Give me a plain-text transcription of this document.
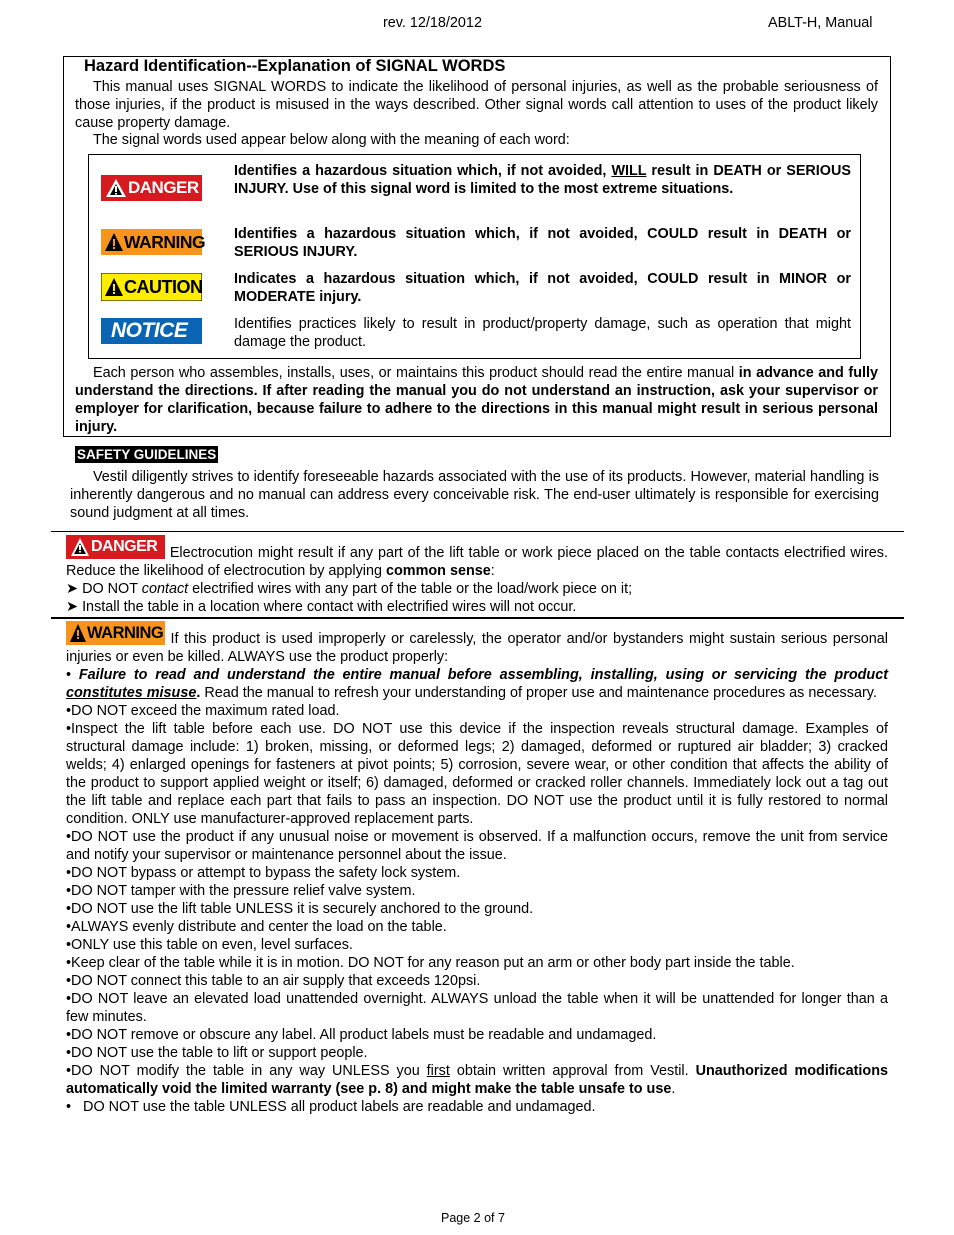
rev. 12/18/2012	ABLT-H, Manual
Hazard Identification--Explanation of SIGNAL WORDS
This manual uses SIGNAL WORDS to indicate the likelihood of personal injuries, as well as the probable seriousness of those injuries, if the product is misused in the ways described. Other signal words call attention to uses of the product likely cause property damage.
The signal words used appear below along with the meaning of each word:
DANGER
Identifies a hazardous situation which, if not avoided, WILL result in DEATH or SERIOUS INJURY. Use of this signal word is limited to the most extreme situations.
WARNING Identifies a hazardous situation which, if not avoided, COULD result in DEATH or SERIOUS INJURY.
CAUTION Indicates a hazardous situation which, if not avoided, COULD result in MINOR or MODERATE injury.
NOTICE	Identifies practices likely to result in product/property damage, such as operation that might damage the product.
Each person who assembles, installs, uses, or maintains this product should read the entire manual in advance and fully understand the directions. If after reading the manual you do not understand an instruction, ask your supervisor or employer for clarification, because failure to adhere to the directions in this manual might result in serious personal injury.
SAFETY GUIDELINES
Vestil diligently strives to identify foreseeable hazards associated with the use of its products. However, material handling is inherently dangerous and no manual can address every conceivable risk. The end-user ultimately is responsible for exercising sound judgment at all times.
DANGER Electrocution might result if any part of the lift table or work piece placed on the table contacts electrified wires. Reduce the likelihood of electrocution by applying common sense:
➤ DO NOT contact electrified wires with any part of the table or the load/work piece on it;
➤ Install the table in a location where contact with electrified wires will not occur.
WARNING If this product is used improperly or carelessly, the operator and/or bystanders might sustain serious personal injuries or even be killed. ALWAYS use the product properly:
• Failure to read and understand the entire manual before assembling, installing, using or servicing the product constitutes misuse. Read the manual to refresh your understanding of proper use and maintenance procedures as necessary.
•DO NOT exceed the maximum rated load.
•Inspect the lift table before each use. DO NOT use this device if the inspection reveals structural damage. Examples of structural damage include: 1) broken, missing, or deformed legs; 2) damaged, deformed or ruptured air bladder; 3) cracked welds; 4) enlarged openings for fasteners at pivot points; 5) corrosion, severe wear, or other condition that affects the ability of the product to support applied weight or itself; 6) damaged, deformed or cracked roller channels. Immediately lock out a tag out the lift table and replace each part that fails to pass an inspection. DO NOT use the product until it is fully restored to normal condition. ONLY use manufacturer-approved replacement parts.
•DO NOT use the product if any unusual noise or movement is observed. If a malfunction occurs, remove the unit from service and notify your supervisor or maintenance personnel about the issue.
•DO NOT bypass or attempt to bypass the safety lock system.
•DO NOT tamper with the pressure relief valve system.
•DO NOT use the lift table UNLESS it is securely anchored to the ground.
•ALWAYS evenly distribute and center the load on the table.
•ONLY use this table on even, level surfaces.
•Keep clear of the table while it is in motion. DO NOT for any reason put an arm or other body part inside the table.
•DO NOT connect this table to an air supply that exceeds 120psi.
•DO NOT leave an elevated load unattended overnight. ALWAYS unload the table when it will be unattended for longer than a few minutes.
•DO NOT remove or obscure any label. All product labels must be readable and undamaged.
•DO NOT use the table to lift or support people.
•DO NOT modify the table in any way UNLESS you first obtain written approval from Vestil. Unauthorized modifications automatically void the limited warranty (see p. 8) and might make the table unsafe to use.
•   DO NOT use the table UNLESS all product labels are readable and undamaged.
Page 2 of 7
